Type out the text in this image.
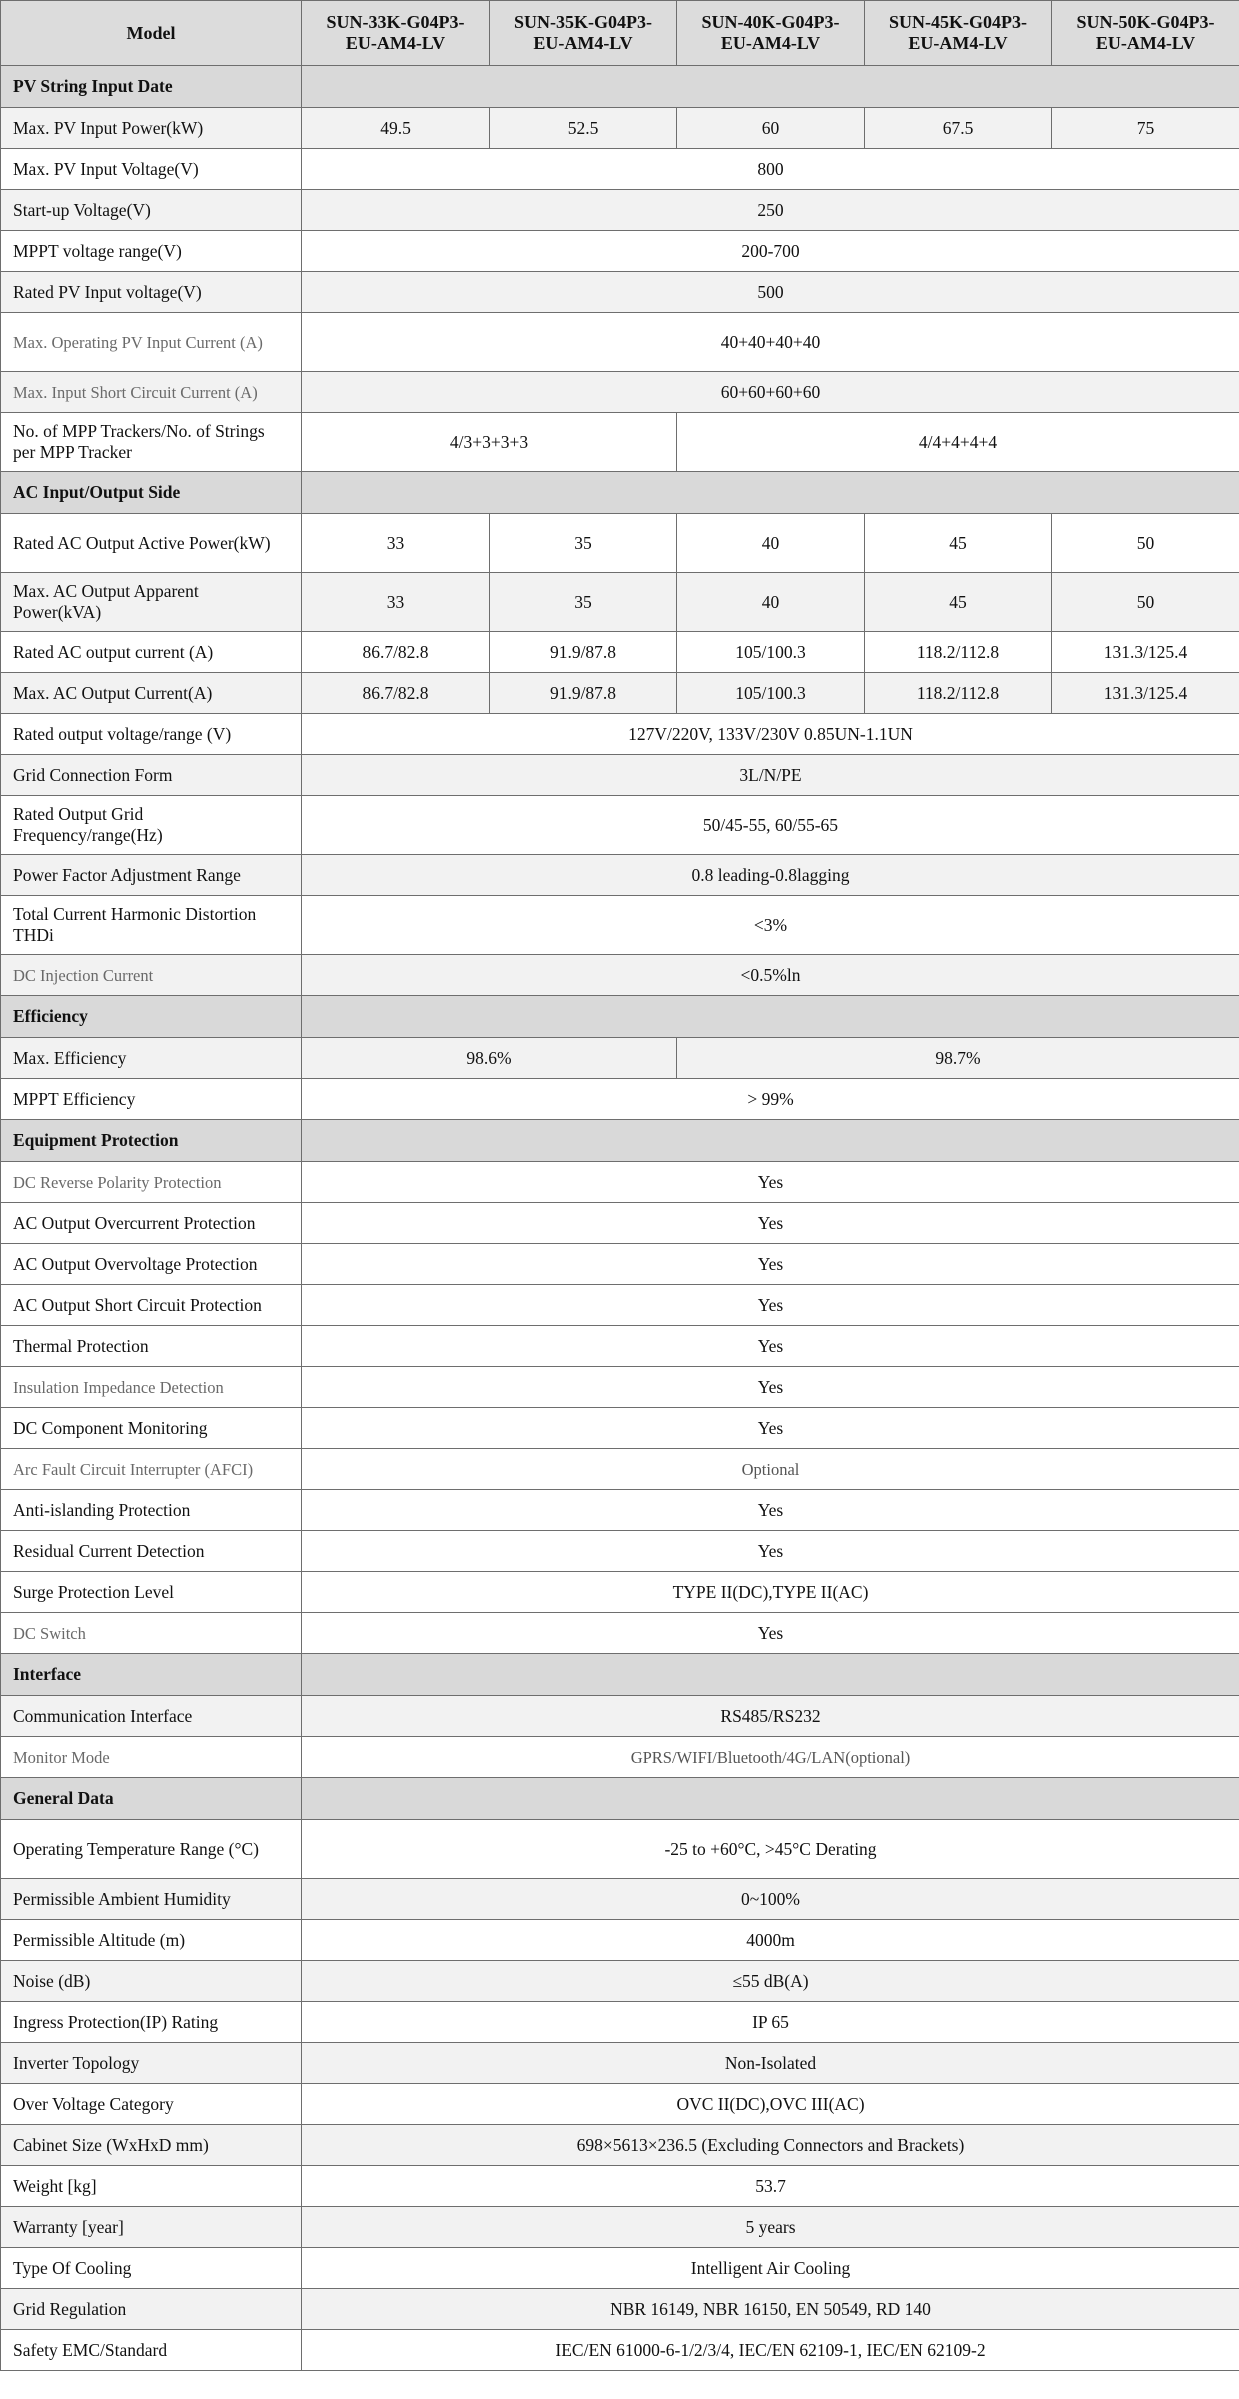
Model	SUN-33K-G04P3-EU-AM4-LV	SUN-35K-G04P3-EU-AM4-LV	SUN-40K-G04P3-EU-AM4-LV	SUN-45K-G04P3-EU-AM4-LV	SUN-50K-G04P3-EU-AM4-LV
PV String Input Date					
Max. PV Input Power(kW)	49.5	52.5	60	67.5	75
Max. PV Input Voltage(V)	800				
Start-up Voltage(V)	250				
MPPT voltage range(V)	200-700				
Rated PV Input voltage(V)	500				
Max. Operating PV Input Current (A)	40+40+40+40				
Max. Input Short Circuit Current (A)	60+60+60+60				
No. of MPP Trackers/No. of Strings per MPP Tracker	4/3+3+3+3		4/4+4+4+4		
AC Input/Output Side					
Rated AC Output Active Power(kW)	33	35	40	45	50
Max. AC Output Apparent Power(kVA)	33	35	40	45	50
Rated AC output current (A)	86.7/82.8	91.9/87.8	105/100.3	118.2/112.8	131.3/125.4
Max. AC Output Current(A)	86.7/82.8	91.9/87.8	105/100.3	118.2/112.8	131.3/125.4
Rated output voltage/range (V)	127V/220V, 133V/230V 0.85UN-1.1UN				
Grid Connection Form	3L/N/PE				
Rated Output Grid Frequency/range(Hz)	50/45-55, 60/55-65				
Power Factor Adjustment Range	0.8 leading-0.8lagging				
Total Current Harmonic Distortion THDi	<3%				
DC Injection Current	<0.5%ln				
Efficiency					
Max. Efficiency	98.6%		98.7%		
MPPT Efficiency	> 99%				
Equipment Protection					
DC Reverse Polarity Protection	Yes				
AC Output Overcurrent Protection	Yes				
AC Output Overvoltage Protection	Yes				
AC Output Short Circuit Protection	Yes				
Thermal Protection	Yes				
Insulation Impedance Detection	Yes				
DC Component Monitoring	Yes				
Arc Fault Circuit Interrupter (AFCI)	Optional				
Anti-islanding Protection	Yes				
Residual Current Detection	Yes				
Surge Protection Level	TYPE II(DC),TYPE II(AC)				
DC Switch	Yes				
Interface					
Communication Interface	RS485/RS232				
Monitor Mode	GPRS/WIFI/Bluetooth/4G/LAN(optional)				
General Data					
Operating Temperature Range (°C)	-25 to +60°C, >45°C Derating				
Permissible Ambient Humidity	0~100%				
Permissible Altitude (m)	4000m				
Noise (dB)	≤55 dB(A)				
Ingress Protection(IP) Rating	IP 65				
Inverter Topology	Non-Isolated				
Over Voltage Category	OVC II(DC),OVC III(AC)				
Cabinet Size (WxHxD mm)	698×5613×236.5 (Excluding Connectors and Brackets)				
Weight [kg]	53.7				
Warranty [year]	5 years				
Type Of Cooling	Intelligent Air Cooling				
Grid Regulation	NBR 16149, NBR 16150, EN 50549, RD 140				
Safety EMC/Standard	IEC/EN 61000-6-1/2/3/4, IEC/EN 62109-1, IEC/EN 62109-2				
